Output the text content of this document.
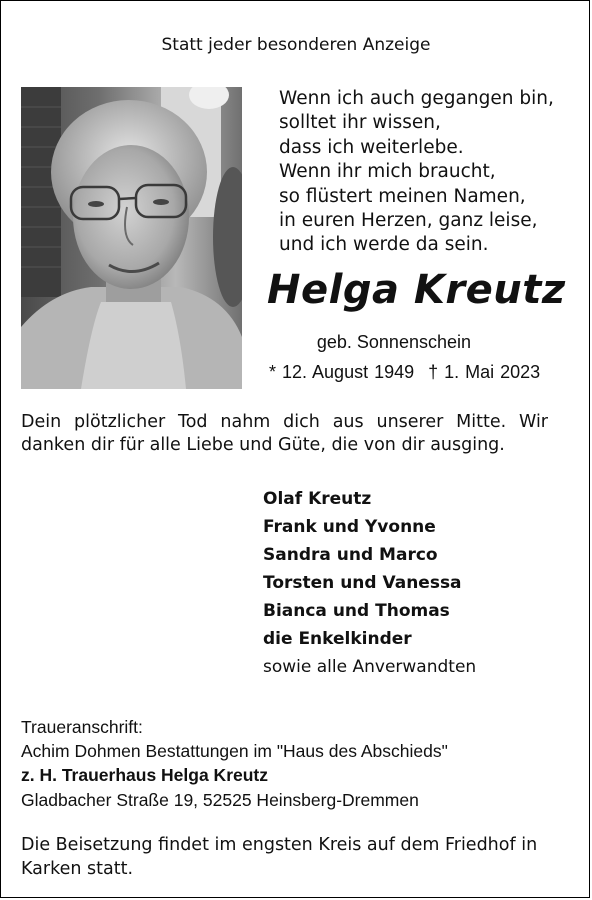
Statt jeder besonderen Anzeige

Wenn ich auch gegangen bin,
solltet ihr wissen,
dass ich weiterlebe.
Wenn ihr mich braucht,
so flüstert meinen Namen,
in euren Herzen, ganz leise,
und ich werde da sein.

Helga Kreutz

geb. Sonnenschein

* 12. August 1949 † 1. Mai 2023

Dein plötzlicher Tod nahm dich aus unserer Mitte. Wir
danken dir für alle Liebe und Güte, die von dir ausging.
Olaf Kreutz
Frank und Yvonne
Sandra und Marco
Torsten und Vanessa
Bianca und Thomas
die Enkelkinder
sowie alle Anverwandten
Traueranschrift:
Achim Dohmen Bestattungen im "Haus des Abschieds"
z. H. Trauerhaus Helga Kreutz
Gladbacher Straße 19, 52525 Heinsberg-Dremmen

Die Beisetzung findet im engsten Kreis auf dem Friedhof in Karken statt.
